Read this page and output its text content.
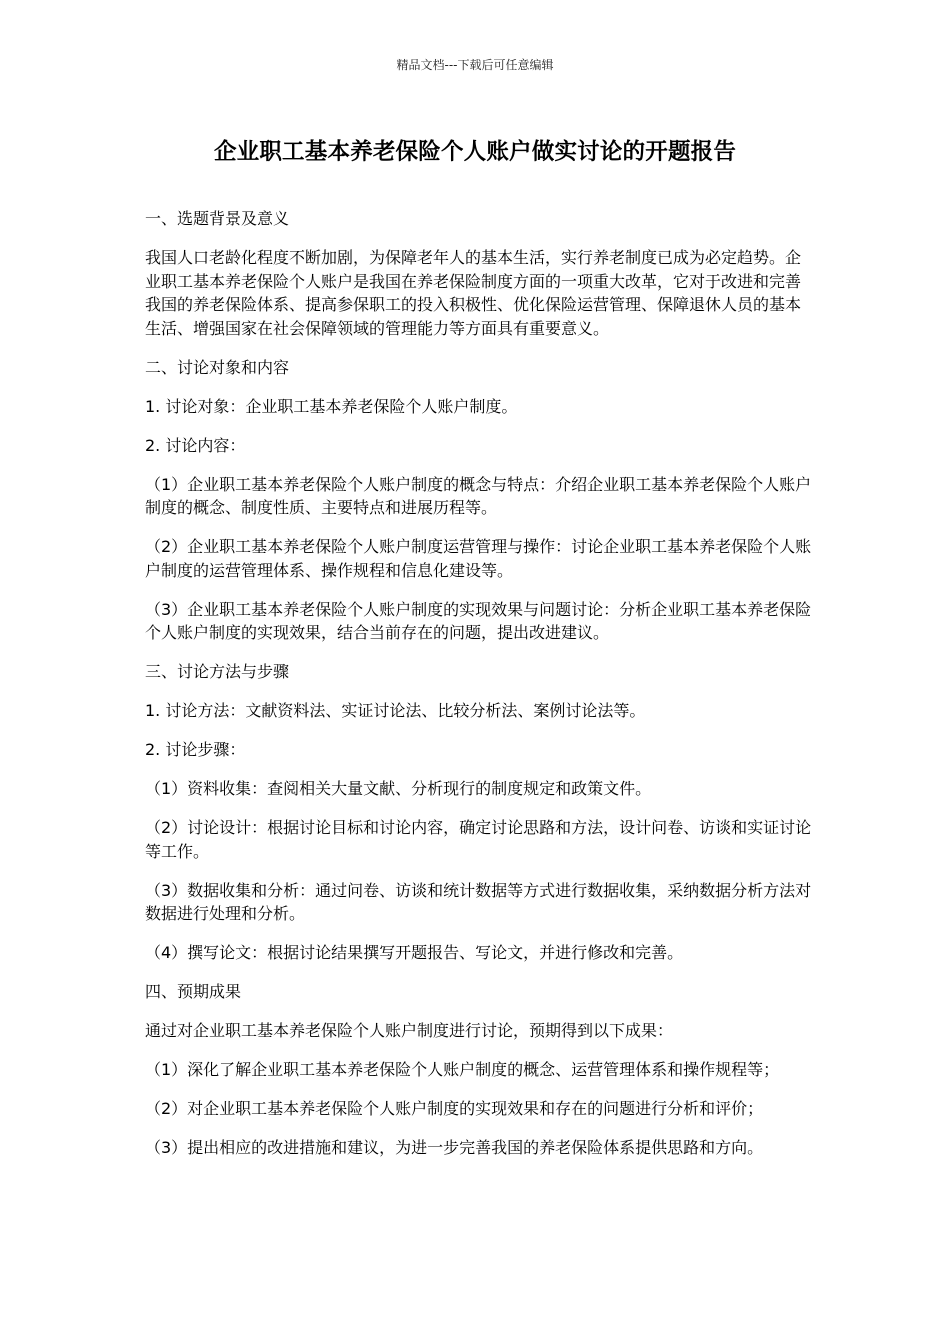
精品文档---下载后可任意编辑
企业职工基本养老保险个人账户做实讨论的开题报告

一、选题背景及意义

我国人口老龄化程度不断加剧，为保障老年人的基本生活，实行养老制度已成为必定趋势。企业职工基本养老保险个人账户是我国在养老保险制度方面的一项重大改革，它对于改进和完善我国的养老保险体系、提高参保职工的投入积极性、优化保险运营管理、保障退休人员的基本生活、增强国家在社会保障领域的管理能力等方面具有重要意义。

二、讨论对象和内容

1. 讨论对象：企业职工基本养老保险个人账户制度。

2. 讨论内容：

（1）企业职工基本养老保险个人账户制度的概念与特点：介绍企业职工基本养老保险个人账户制度的概念、制度性质、主要特点和进展历程等。

（2）企业职工基本养老保险个人账户制度运营管理与操作：讨论企业职工基本养老保险个人账户制度的运营管理体系、操作规程和信息化建设等。

（3）企业职工基本养老保险个人账户制度的实现效果与问题讨论：分析企业职工基本养老保险个人账户制度的实现效果，结合当前存在的问题，提出改进建议。

三、讨论方法与步骤

1. 讨论方法：文献资料法、实证讨论法、比较分析法、案例讨论法等。

2. 讨论步骤：

（1）资料收集：查阅相关大量文献、分析现行的制度规定和政策文件。

（2）讨论设计：根据讨论目标和讨论内容，确定讨论思路和方法，设计问卷、访谈和实证讨论等工作。

（3）数据收集和分析：通过问卷、访谈和统计数据等方式进行数据收集，采纳数据分析方法对数据进行处理和分析。

（4）撰写论文：根据讨论结果撰写开题报告、写论文，并进行修改和完善。

四、预期成果

通过对企业职工基本养老保险个人账户制度进行讨论，预期得到以下成果：

（1）深化了解企业职工基本养老保险个人账户制度的概念、运营管理体系和操作规程等；

（2）对企业职工基本养老保险个人账户制度的实现效果和存在的问题进行分析和评价；

（3）提出相应的改进措施和建议，为进一步完善我国的养老保险体系提供思路和方向。
